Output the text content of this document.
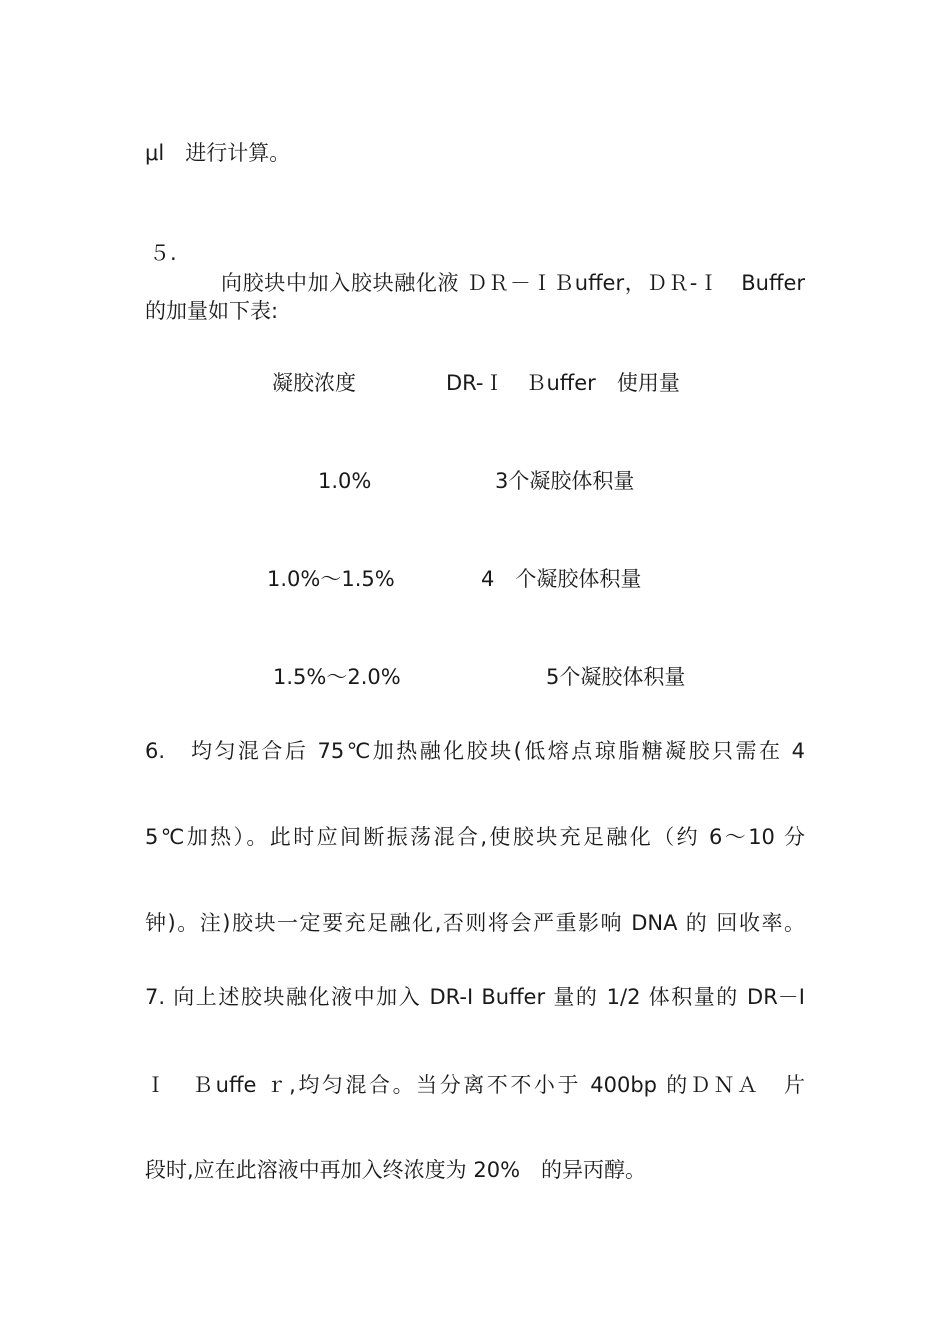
μl　进行计算。

５.

向胶块中加入胶块融化液 ＤＲ－ＩＢuffer，ＤＲ-Ｉ　Buffer

的加量如下表:
凝胶浓度	DR-Ｉ　Ｂuffer　使用量
1.0%	3个凝胶体积量
1.0%～1.5%	4　个凝胶体积量
1.5%～2.0%	5个凝胶体积量
6.　均匀混合后 75℃加热融化胶块(低熔点琼脂糖凝胶只需在 4
5℃加热）。此时应间断振荡混合,使胶块充足融化（约 6～10 分
钟)。注)胶块一定要充足融化,否则将会严重影响 DNA 的 回收率。
7. 向上述胶块融化液中加入 DR-I Buffer 量的 1/2 体积量的 DR－I
Ｉ　Ｂuffe ｒ,均匀混合。当分离不不小于 400bp 的ＤＮＡ　片
段时,应在此溶液中再加入终浓度为 20%　的异丙醇。
